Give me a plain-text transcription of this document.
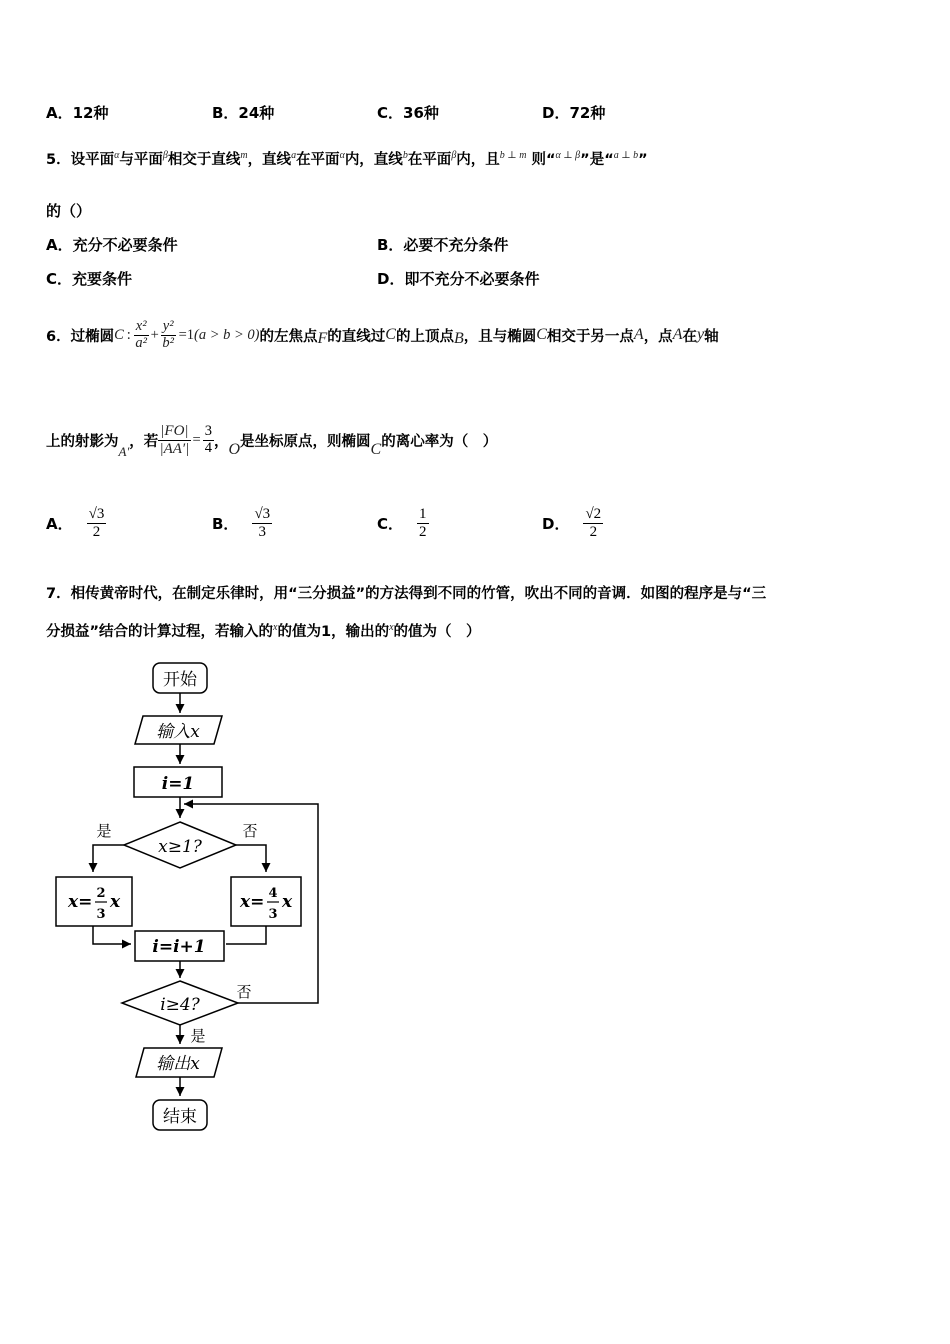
A．12种	B．24种	C．36种	D．72种
5．设平面$^\alpha$与平面$^\beta$相交于直线$^m$，直线$^a$在平面$^\alpha$内，直线$^b$在平面$^\beta$内，且$^{b \perp m}$ 则“$^{\alpha \perp \beta}$”是“$^{a \perp b}$”
的（）
A．充分不必要条件	B．必要不充分条件
C．充要条件	D．即不充分不必要条件
6． 过椭圆 C : $\frac{\text{x²}}{\text{a²}} + \frac{\text{y²}}{\text{b²}} =1$ (a > b > 0) 的左焦点 F 的直线过 C 的上顶点 B ，且与椭圆 C 相交于另一点 A ，点 A 在 y 轴
上的射影为
A′
，若 $\frac{|FO|}{|AA'|} = \frac{3}{4}$ ， O 是坐标原点，则椭圆 C 的离心率为（　）
A． $\frac{√3}{2}$	B． $\frac{√3}{3}$	C． $\frac{1}{2}$	D． $\frac{√2}{2}$
7．相传黄帝时代，在制定乐律时，用“三分损益”的方法得到不同的竹管，吹出不同的音调．如图的程序是与“三
分损益”结合的计算过程，若输入的$^x$的值为1，输出的$^x$的值为（　）
开始
输入x
i=1
x≥1?
是	否
x= 2
3
x	x= 4
3
x
i=i+1
i≥4?
否
是
输出x
结束
